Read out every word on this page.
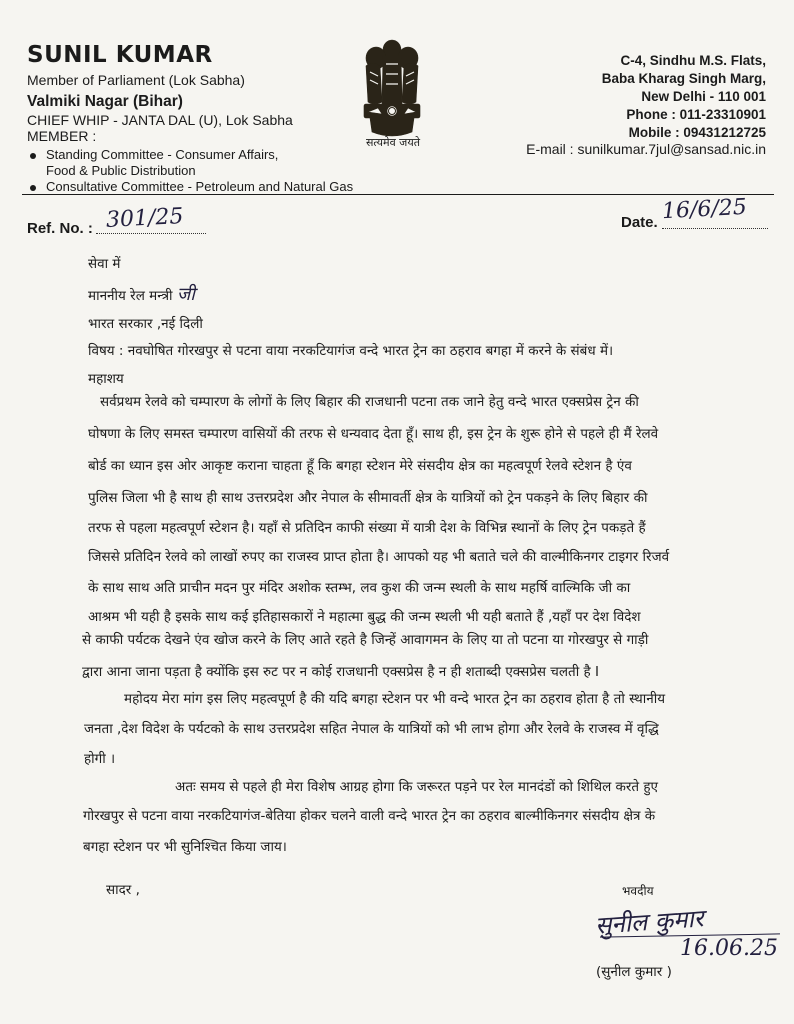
SUNIL KUMAR
Member of Parliament (Lok Sabha)
Valmiki Nagar (Bihar)
CHIEF WHIP - JANTA DAL (U), Lok Sabha
MEMBER :
Standing Committee - Consumer Affairs,
Food & Public Distribution
Consultative Committee - Petroleum and Natural Gas
सत्यमेव जयते
C-4, Sindhu M.S. Flats,
Baba Kharag Singh Marg,
New Delhi - 110 001
Phone : 011-23310901
Mobile : 09431212725
E-mail : sunilkumar.7jul@sansad.nic.in
Ref. No. : 301/25	Date. 16/6/25
सेवा में
माननीय रेल मन्त्री जी
भारत सरकार ,नई दिली
विषय : नवघोषित गोरखपुर से पटना वाया नरकटियागंज वन्दे भारत ट्रेन का ठहराव बगहा में करने के संबंध में।
महाशय
सर्वप्रथम रेलवे को चम्पारण के लोगों के लिए बिहार की राजधानी पटना तक जाने हेतु वन्दे भारत एक्सप्रेस ट्रेन की
घोषणा के लिए समस्त चम्पारण वासियों की तरफ से धन्यवाद देता हूँ। साथ ही, इस ट्रेन के शुरू होने से पहले ही मैं रेलवे
बोर्ड का ध्यान इस ओर आकृष्ट कराना चाहता हूँ कि बगहा स्टेशन मेरे संसदीय क्षेत्र का महत्वपूर्ण रेलवे स्टेशन है एंव
पुलिस जिला भी है साथ ही साथ उत्तरप्रदेश और नेपाल के सीमावर्ती क्षेत्र के यात्रियों को ट्रेन पकड़ने के लिए बिहार की
तरफ से पहला महत्वपूर्ण स्टेशन है। यहाँ से प्रतिदिन काफी संख्या में यात्री देश के विभिन्न स्थानों के लिए ट्रेन पकड़ते हैं
जिससे प्रतिदिन रेलवे को लाखों रुपए का राजस्व प्राप्त होता है। आपको यह भी बताते चले की वाल्मीकिनगर टाइगर रिजर्व
के साथ साथ अति प्राचीन मदन पुर मंदिर अशोक स्तम्भ, लव कुश की जन्म स्थली के साथ महर्षि वाल्मिकि जी का
आश्रम भी यही है इसके साथ कई इतिहासकारों ने महात्मा बुद्ध की जन्म स्थली भी यही बताते हैं ,यहाँ पर देश विदेश
से काफी पर्यटक देखने एंव खोज करने के लिए आते रहते है जिन्हें आवागमन के लिए या तो पटना या गोरखपुर से गाड़ी
द्वारा आना जाना पड़ता है क्योंकि इस रुट पर न कोई राजधानी एक्सप्रेस है न ही शताब्दी एक्सप्रेस चलती है I
महोदय मेरा मांग इस लिए महत्वपूर्ण है की यदि बगहा स्टेशन पर भी वन्दे भारत ट्रेन का ठहराव होता है तो स्थानीय
जनता ,देश विदेश के पर्यटको के साथ उत्तरप्रदेश सहित नेपाल के यात्रियों को भी लाभ होगा और रेलवे के राजस्व में वृद्धि
होगी ।
अतः समय से पहले ही मेरा विशेष आग्रह होगा कि जरूरत पड़ने पर रेल मानदंडों को शिथिल करते हुए
गोरखपुर से पटना वाया नरकटियागंज-बेतिया होकर चलने वाली वन्दे भारत ट्रेन का ठहराव बाल्मीकिनगर संसदीय क्षेत्र के
बगहा स्टेशन पर भी सुनिश्चित किया जाय।
सादर ,	भवदीय
सुनील कुमार
16.06.25
(सुनील कुमार )
